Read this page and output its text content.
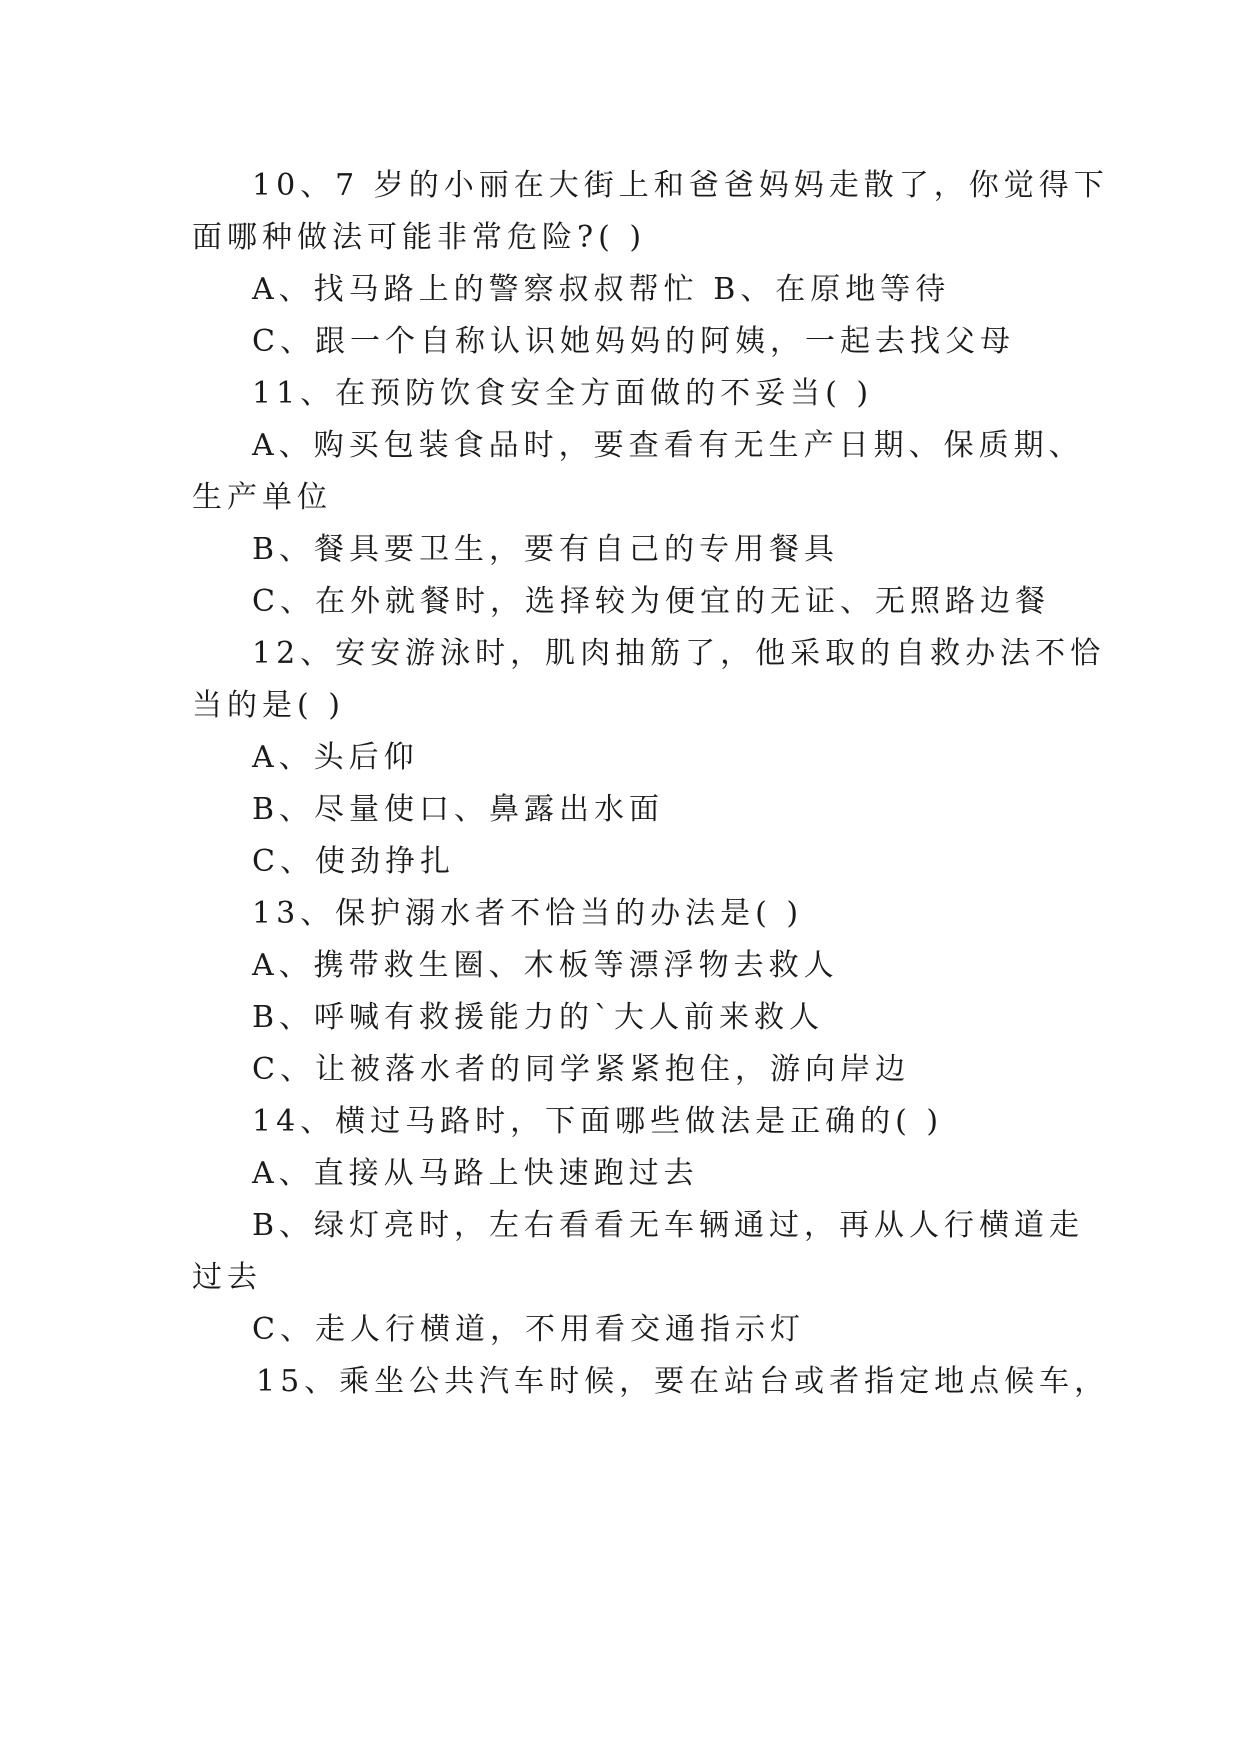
10、7 岁的小丽在大街上和爸爸妈妈走散了，你觉得下
面哪种做法可能非常危险?( )
A、找马路上的警察叔叔帮忙 B、在原地等待
C、跟一个自称认识她妈妈的阿姨，一起去找父母
11、在预防饮食安全方面做的不妥当( )
A、购买包装食品时，要查看有无生产日期、保质期、
生产单位
B、餐具要卫生，要有自己的专用餐具
C、在外就餐时，选择较为便宜的无证、无照路边餐
12、安安游泳时，肌肉抽筋了，他采取的自救办法不恰
当的是( )
A、头后仰
B、尽量使口、鼻露出水面
C、使劲挣扎
13、保护溺水者不恰当的办法是( )
A、携带救生圈、木板等漂浮物去救人
B、呼喊有救援能力的`大人前来救人
C、让被落水者的同学紧紧抱住，游向岸边
14、横过马路时，下面哪些做法是正确的( )
A、直接从马路上快速跑过去
B、绿灯亮时，左右看看无车辆通过，再从人行横道走
过去
C、走人行横道，不用看交通指示灯
15、乘坐公共汽车时候，要在站台或者指定地点候车，
